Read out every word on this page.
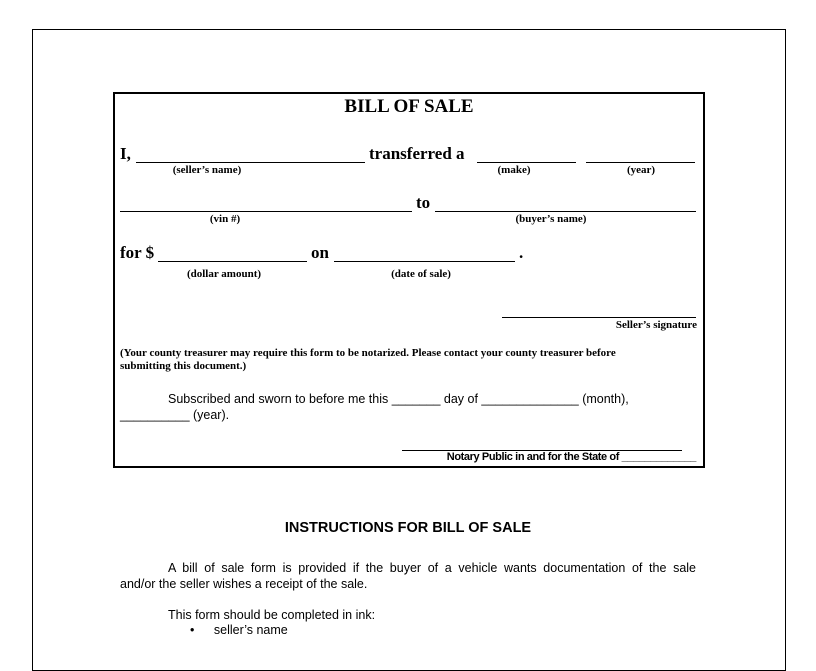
BILL OF SALE
I,	transferred a
(seller’s name)	(make)	(year)
to
(vin #)	(buyer’s name)
for $	on	.
(dollar amount)	(date of sale)
Seller’s signature
(Your county treasurer may require this form to be notarized. Please contact your county treasurer before
submitting this document.)
Subscribed and sworn to before me this _______ day of ______________ (month),
__________ (year).
Notary Public in and for the State of _____________
INSTRUCTIONS FOR BILL OF SALE
A bill of sale form is provided if the buyer of a vehicle wants documentation of the sale
and/or the seller wishes a receipt of the sale.
This form should be completed in ink:
• seller’s name
